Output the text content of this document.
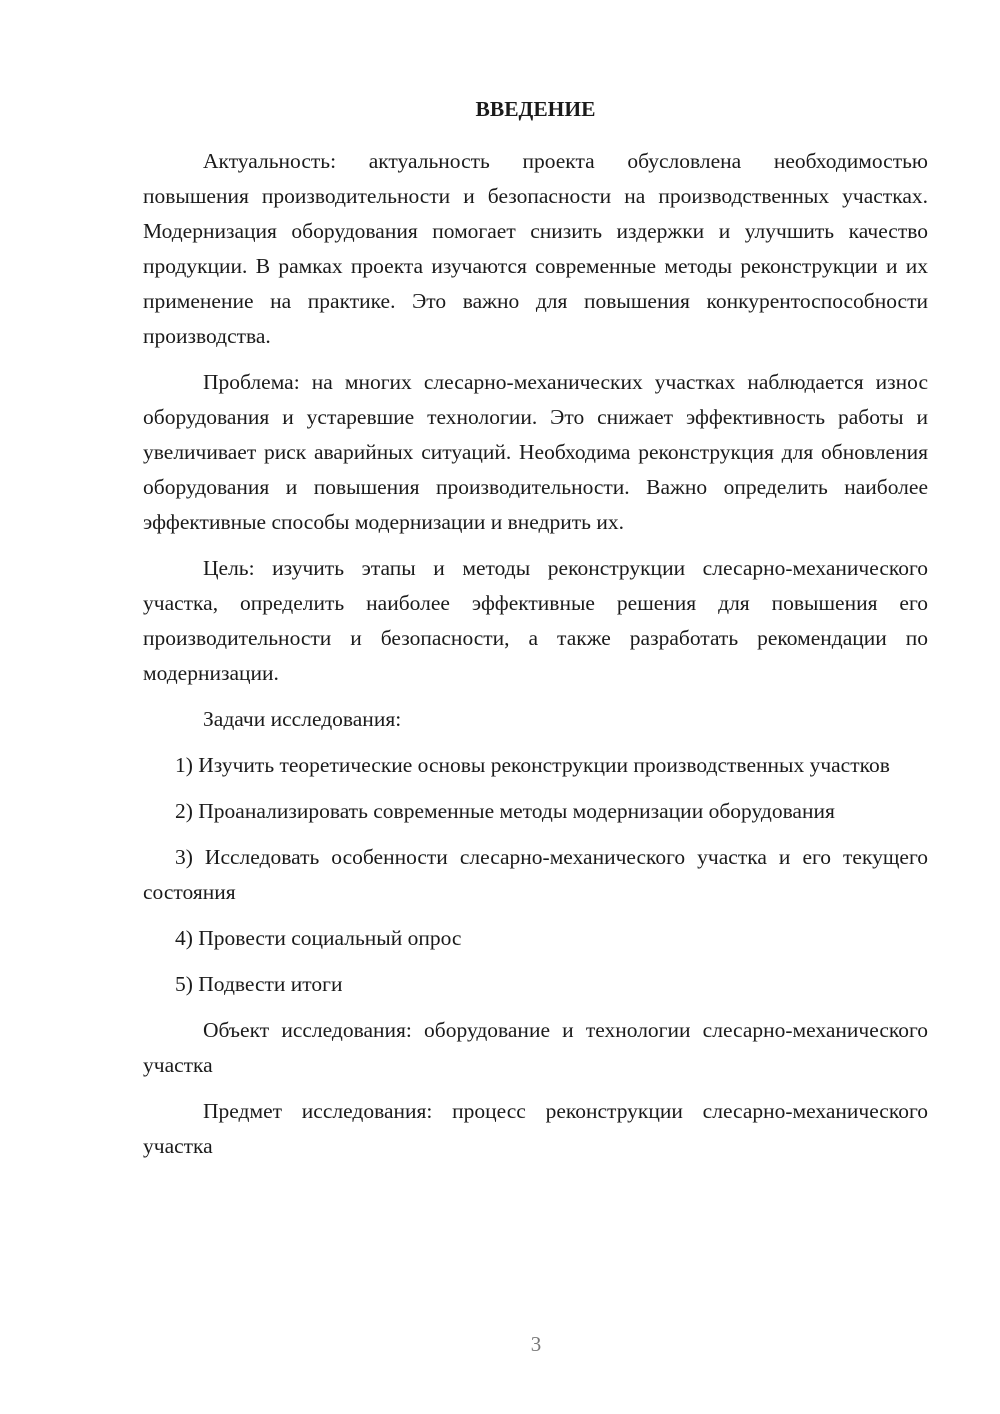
ВВЕДЕНИЕ

Актуальность: актуальность проекта обусловлена необходимостью повышения производительности и безопасности на производственных участках. Модернизация оборудования помогает снизить издержки и улучшить качество продукции. В рамках проекта изучаются современные методы реконструкции и их применение на практике. Это важно для повышения конкурентоспособности производства.

Проблема: на многих слесарно-механических участках наблюдается износ оборудования и устаревшие технологии. Это снижает эффективность работы и увеличивает риск аварийных ситуаций. Необходима реконструкция для обновления оборудования и повышения производительности. Важно определить наиболее эффективные способы модернизации и внедрить их.

Цель: изучить этапы и методы реконструкции слесарно-механического участка, определить наиболее эффективные решения для повышения его производительности и безопасности, а также разработать рекомендации по модернизации.

Задачи исследования:

1) Изучить теоретические основы реконструкции производственных участков

2) Проанализировать современные методы модернизации оборудования

3) Исследовать особенности слесарно-механического участка и его текущего состояния

4) Провести социальный опрос

5) Подвести итоги

Объект исследования: оборудование и технологии слесарно-механического участка

Предмет исследования: процесс реконструкции слесарно-механического участка

3
